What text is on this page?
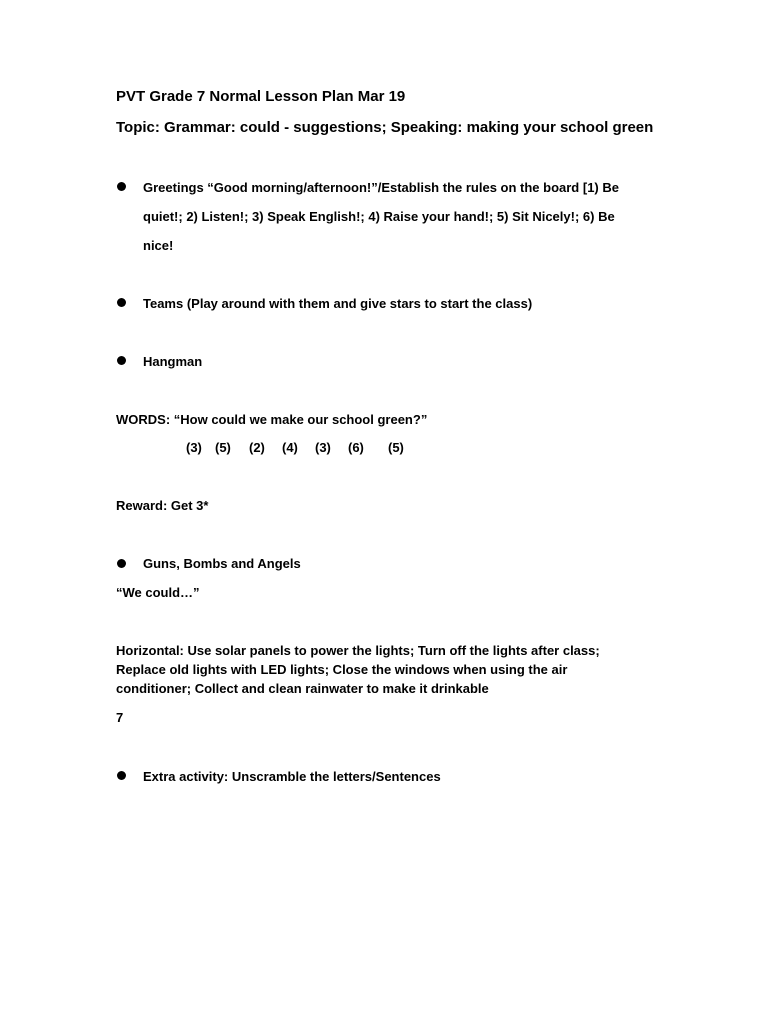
PVT Grade 7 Normal Lesson Plan Mar 19
Topic: Grammar: could - suggestions; Speaking: making your school green
Greetings “Good morning/afternoon!”/Establish the rules on the board [1) Be
quiet!; 2) Listen!; 3) Speak English!; 4) Raise your hand!; 5) Sit Nicely!; 6) Be
nice!
Teams (Play around with them and give stars to start the class)
Hangman
WORDS: “How could we make our school green?”
(3) (5) (2) (4) (3) (6) (5)
Reward: Get 3*
Guns, Bombs and Angels
“We could…”
Horizontal: Use solar panels to power the lights; Turn off the lights after class;
Replace old lights with LED lights; Close the windows when using the air
conditioner; Collect and clean rainwater to make it drinkable
7
Extra activity: Unscramble the letters/Sentences
